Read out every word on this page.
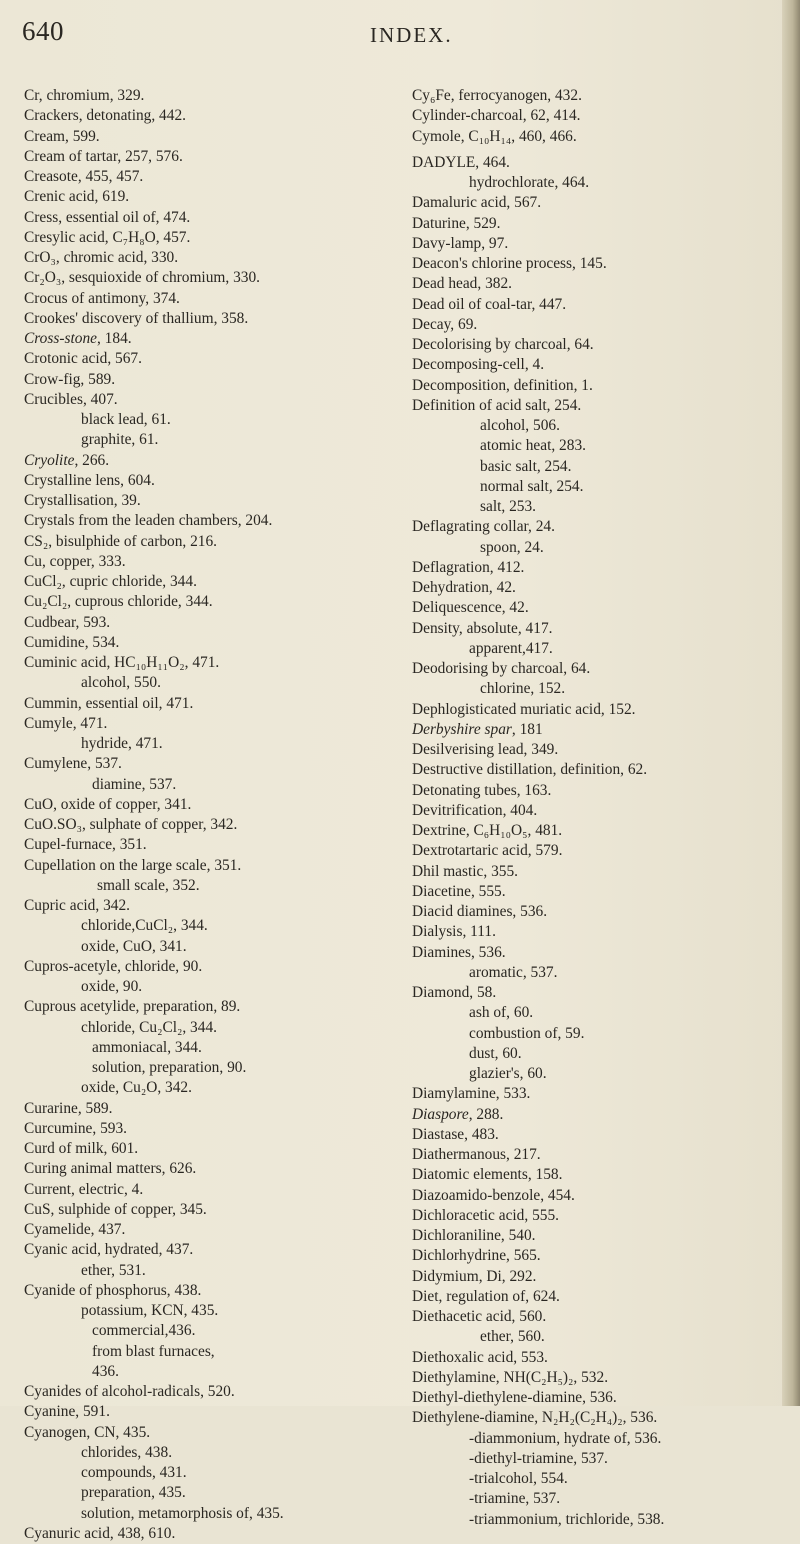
640	INDEX.
Cr, chromium, 329.
Crackers, detonating, 442.
Cream, 599.
Cream of tartar, 257, 576.
Creasote, 455, 457.
Crenic acid, 619.
Cress, essential oil of, 474.
Cresylic acid, C₇H₈O, 457.
CrO₃, chromic acid, 330.
Cr₂O₃, sesquioxide of chromium, 330.
Crocus of antimony, 374.
Crookes' discovery of thallium, 358.
Cross-stone, 184.
Crotonic acid, 567.
Crow-fig, 589.
Crucibles, 407.
black lead, 61.
graphite, 61.
Cryolite, 266.
Crystalline lens, 604.
Crystallisation, 39.
Crystals from the leaden chambers, 204.
CS₂, bisulphide of carbon, 216.
Cu, copper, 333.
CuCl₂, cupric chloride, 344.
Cu₂Cl₂, cuprous chloride, 344.
Cudbear, 593.
Cumidine, 534.
Cuminic acid, HC₁₀H₁₁O₂, 471.
alcohol, 550.
Cummin, essential oil, 471.
Cumyle, 471.
hydride, 471.
Cumylene, 537.
diamine, 537.
CuO, oxide of copper, 341.
CuO.SO₃, sulphate of copper, 342.
Cupel-furnace, 351.
Cupellation on the large scale, 351.
small scale, 352.
Cupric acid, 342.
chloride,CuCl₂, 344.
oxide, CuO, 341.
Cupros-acetyle, chloride, 90.
oxide, 90.
Cuprous acetylide, preparation, 89.
chloride, Cu₂Cl₂, 344.
ammoniacal, 344.
solution, preparation, 90.
oxide, Cu₂O, 342.
Curarine, 589.
Curcumine, 593.
Curd of milk, 601.
Curing animal matters, 626.
Current, electric, 4.
CuS, sulphide of copper, 345.
Cyamelide, 437.
Cyanic acid, hydrated, 437.
ether, 531.
Cyanide of phosphorus, 438.
potassium, KCN, 435.
commercial,436.
from blast furnaces,
436.
Cyanides of alcohol-radicals, 520.
Cyanine, 591.
Cyanogen, CN, 435.
chlorides, 438.
compounds, 431.
preparation, 435.
solution, metamorphosis of, 435.
Cyanuric acid, 438, 610.
Cy₆Fe, ferrocyanogen, 432.
Cylinder-charcoal, 62, 414.
Cymole, C₁₀H₁₄, 460, 466.
DADYLE, 464.
hydrochlorate, 464.
Damaluric acid, 567.
Daturine, 529.
Davy-lamp, 97.
Deacon's chlorine process, 145.
Dead head, 382.
Dead oil of coal-tar, 447.
Decay, 69.
Decolorising by charcoal, 64.
Decomposing-cell, 4.
Decomposition, definition, 1.
Definition of acid salt, 254.
alcohol, 506.
atomic heat, 283.
basic salt, 254.
normal salt, 254.
salt, 253.
Deflagrating collar, 24.
spoon, 24.
Deflagration, 412.
Dehydration, 42.
Deliquescence, 42.
Density, absolute, 417.
apparent,417.
Deodorising by charcoal, 64.
chlorine, 152.
Dephlogisticated muriatic acid, 152.
Derbyshire spar, 181
Desilverising lead, 349.
Destructive distillation, definition, 62.
Detonating tubes, 163.
Devitrification, 404.
Dextrine, C₆H₁₀O₅, 481.
Dextrotartaric acid, 579.
Dhil mastic, 355.
Diacetine, 555.
Diacid diamines, 536.
Dialysis, 111.
Diamines, 536.
aromatic, 537.
Diamond, 58.
ash of, 60.
combustion of, 59.
dust, 60.
glazier's, 60.
Diamylamine, 533.
Diaspore, 288.
Diastase, 483.
Diathermanous, 217.
Diatomic elements, 158.
Diazoamido-benzole, 454.
Dichloracetic acid, 555.
Dichloraniline, 540.
Dichlorhydrine, 565.
Didymium, Di, 292.
Diet, regulation of, 624.
Diethacetic acid, 560.
ether, 560.
Diethoxalic acid, 553.
Diethylamine, NH(C₂H₅)₂, 532.
Diethyl-diethylene-diamine, 536.
Diethylene-diamine, N₂H₂(C₂H₄)₂, 536.
-diammonium, hydrate of, 536.
-diethyl-triamine, 537.
-trialcohol, 554.
-triamine, 537.
-triammonium, trichloride, 538.
